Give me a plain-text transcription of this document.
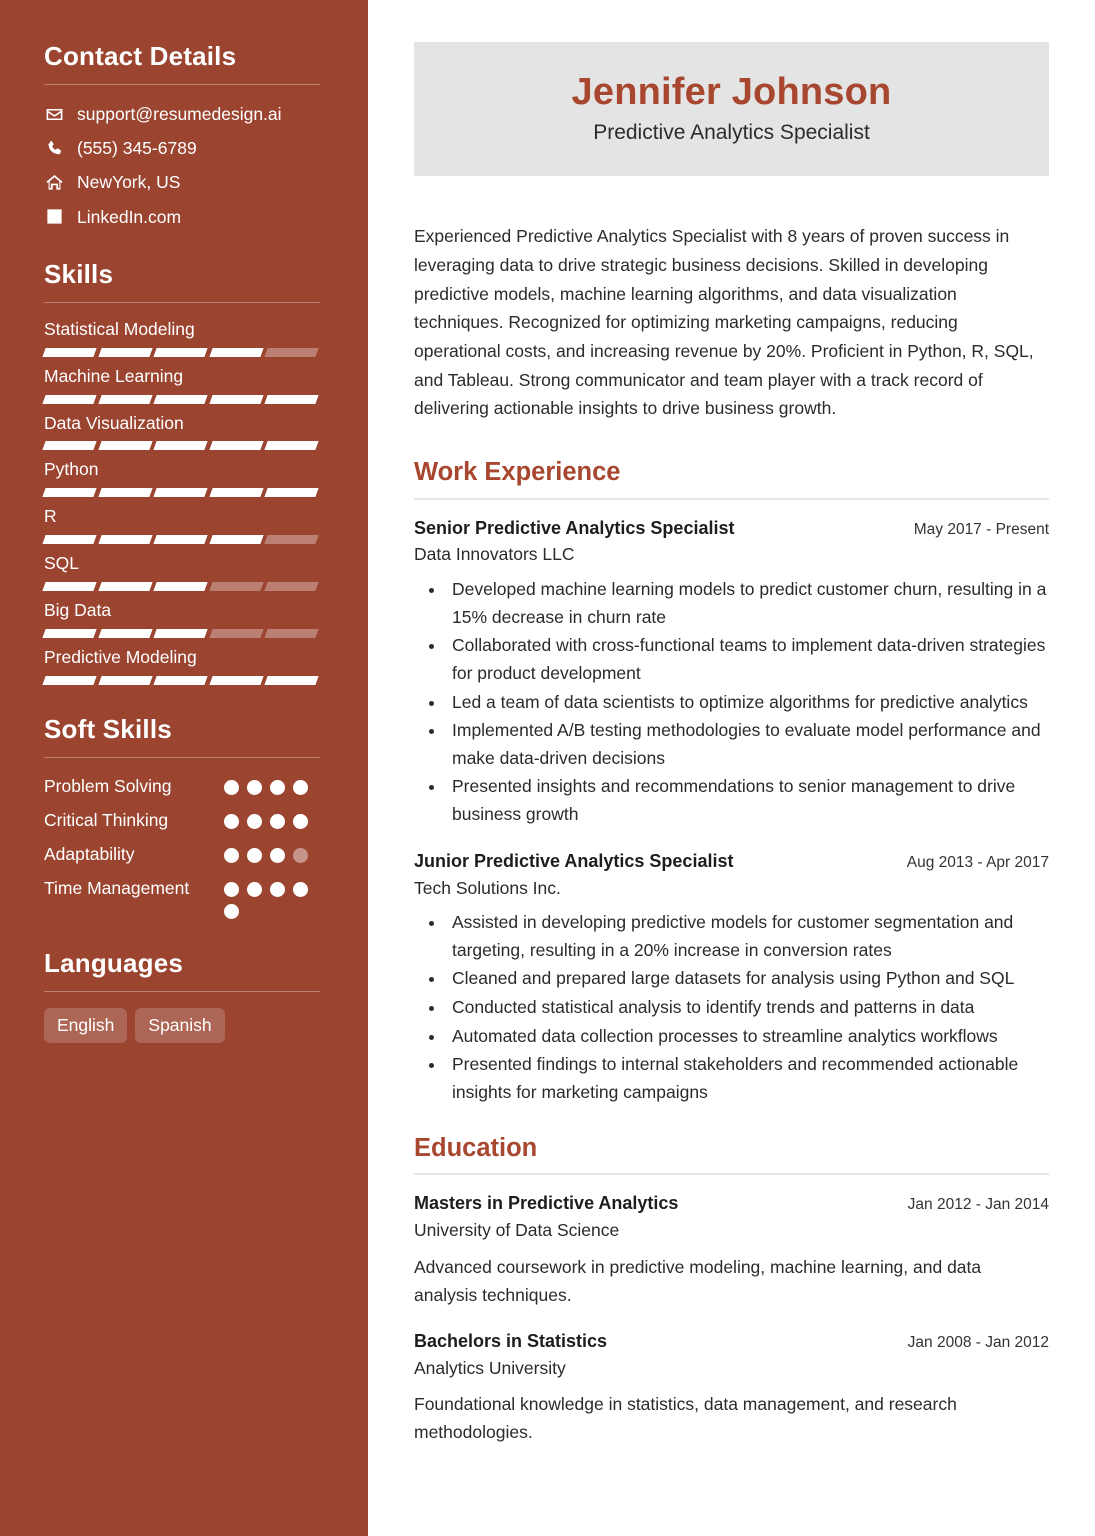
Contact Details
support@resumedesign.ai
(555) 345-6789
NewYork, US
LinkedIn.com
Skills
Statistical Modeling
Machine Learning
Data Visualization
Python
R
SQL
Big Data
Predictive Modeling
Soft Skills
Problem Solving
Critical Thinking
Adaptability
Time Management
Languages
English	Spanish
Jennifer Johnson
Predictive Analytics Specialist

Experienced Predictive Analytics Specialist with 8 years of proven success in leveraging data to drive strategic business decisions. Skilled in developing predictive models, machine learning algorithms, and data visualization techniques. Recognized for optimizing marketing campaigns, reducing operational costs, and increasing revenue by 20%. Proficient in Python, R, SQL, and Tableau. Strong communicator and team player with a track record of delivering actionable insights to drive business growth.

Work Experience
Senior Predictive Analytics Specialist	May 2017 - Present
Data Innovators LLC
• Developed machine learning models to predict customer churn, resulting in a 15% decrease in churn rate
• Collaborated with cross-functional teams to implement data-driven strategies for product development
• Led a team of data scientists to optimize algorithms for predictive analytics
• Implemented A/B testing methodologies to evaluate model performance and make data-driven decisions
• Presented insights and recommendations to senior management to drive business growth
Junior Predictive Analytics Specialist	Aug 2013 - Apr 2017
Tech Solutions Inc.
• Assisted in developing predictive models for customer segmentation and targeting, resulting in a 20% increase in conversion rates
• Cleaned and prepared large datasets for analysis using Python and SQL
• Conducted statistical analysis to identify trends and patterns in data
• Automated data collection processes to streamline analytics workflows
• Presented findings to internal stakeholders and recommended actionable insights for marketing campaigns
Education
Masters in Predictive Analytics	Jan 2012 - Jan 2014
University of Data Science
Advanced coursework in predictive modeling, machine learning, and data analysis techniques.
Bachelors in Statistics	Jan 2008 - Jan 2012
Analytics University
Foundational knowledge in statistics, data management, and research methodologies.
